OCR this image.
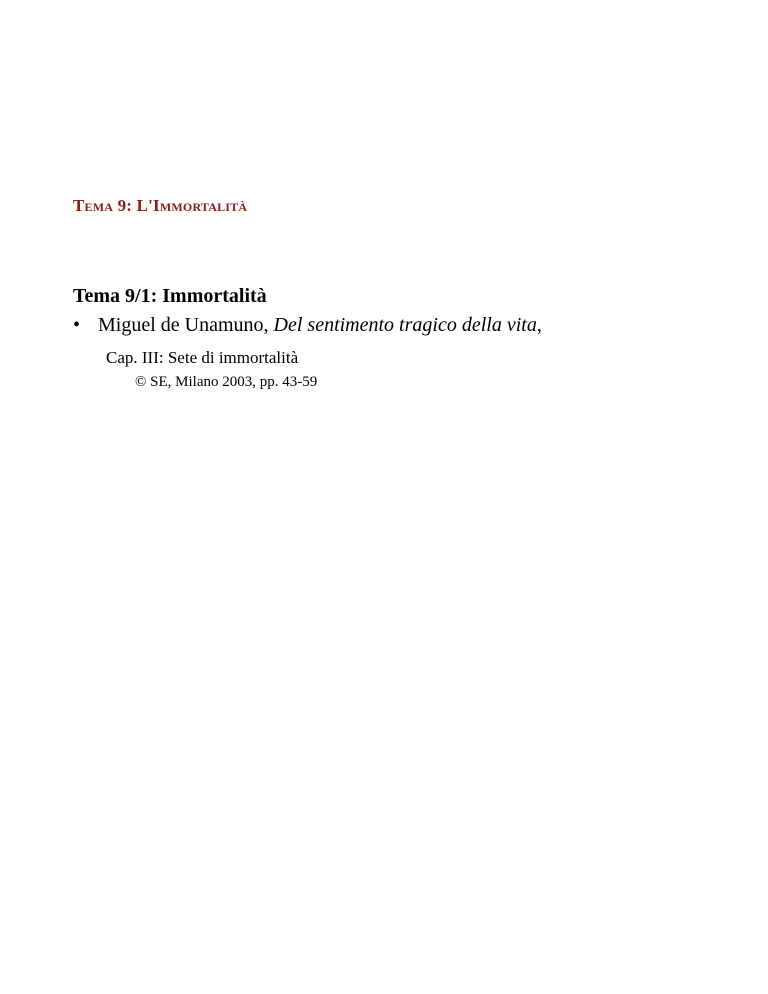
Tema 9: L'Immortalità
Tema 9/1: Immortalità
• Miguel de Unamuno, Del sentimento tragico della vita,
Cap. III: Sete di immortalità
© SE, Milano 2003, pp. 43-59
